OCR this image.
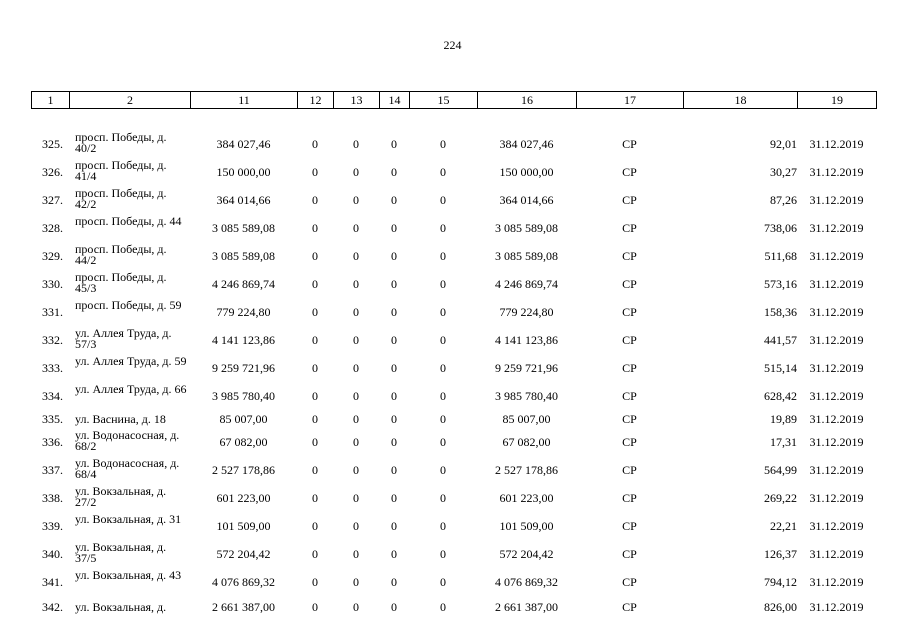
224
1	2	11	12	13	14	15	16	17	18	19
325. просп. Победы, д. 40/2	384 027,46	0	0	0	0	384 027,46	СР	92,01	31.12.2019
326. просп. Победы, д. 41/4	150 000,00	0	0	0	0	150 000,00	СР	30,27	31.12.2019
327. просп. Победы, д. 42/2	364 014,66	0	0	0	0	364 014,66	СР	87,26	31.12.2019
328. просп. Победы, д. 44	3 085 589,08	0	0	0	0	3 085 589,08	СР	738,06	31.12.2019
329. просп. Победы, д. 44/2	3 085 589,08	0	0	0	0	3 085 589,08	СР	511,68	31.12.2019
330. просп. Победы, д. 45/3	4 246 869,74	0	0	0	0	4 246 869,74	СР	573,16	31.12.2019
331. просп. Победы, д. 59	779 224,80	0	0	0	0	779 224,80	СР	158,36	31.12.2019
332. ул. Аллея Труда, д. 57/3	4 141 123,86	0	0	0	0	4 141 123,86	СР	441,57	31.12.2019
333. ул. Аллея Труда, д. 59	9 259 721,96	0	0	0	0	9 259 721,96	СР	515,14	31.12.2019
334. ул. Аллея Труда, д. 66	3 985 780,40	0	0	0	0	3 985 780,40	СР	628,42	31.12.2019
335. ул. Васнина, д. 18	85 007,00	0	0	0	0	85 007,00	СР	19,89	31.12.2019
336. ул. Водонасосная, д. 68/2	67 082,00	0	0	0	0	67 082,00	СР	17,31	31.12.2019
337. ул. Водонасосная, д. 68/4	2 527 178,86	0	0	0	0	2 527 178,86	СР	564,99	31.12.2019
338. ул. Вокзальная, д. 27/2	601 223,00	0	0	0	0	601 223,00	СР	269,22	31.12.2019
339. ул. Вокзальная, д. 31	101 509,00	0	0	0	0	101 509,00	СР	22,21	31.12.2019
340. ул. Вокзальная, д. 37/5	572 204,42	0	0	0	0	572 204,42	СР	126,37	31.12.2019
341. ул. Вокзальная, д. 43	4 076 869,32	0	0	0	0	4 076 869,32	СР	794,12	31.12.2019
342. ул. Вокзальная, д.	2 661 387,00	0	0	0	0	2 661 387,00	СР	826,00	31.12.2019
